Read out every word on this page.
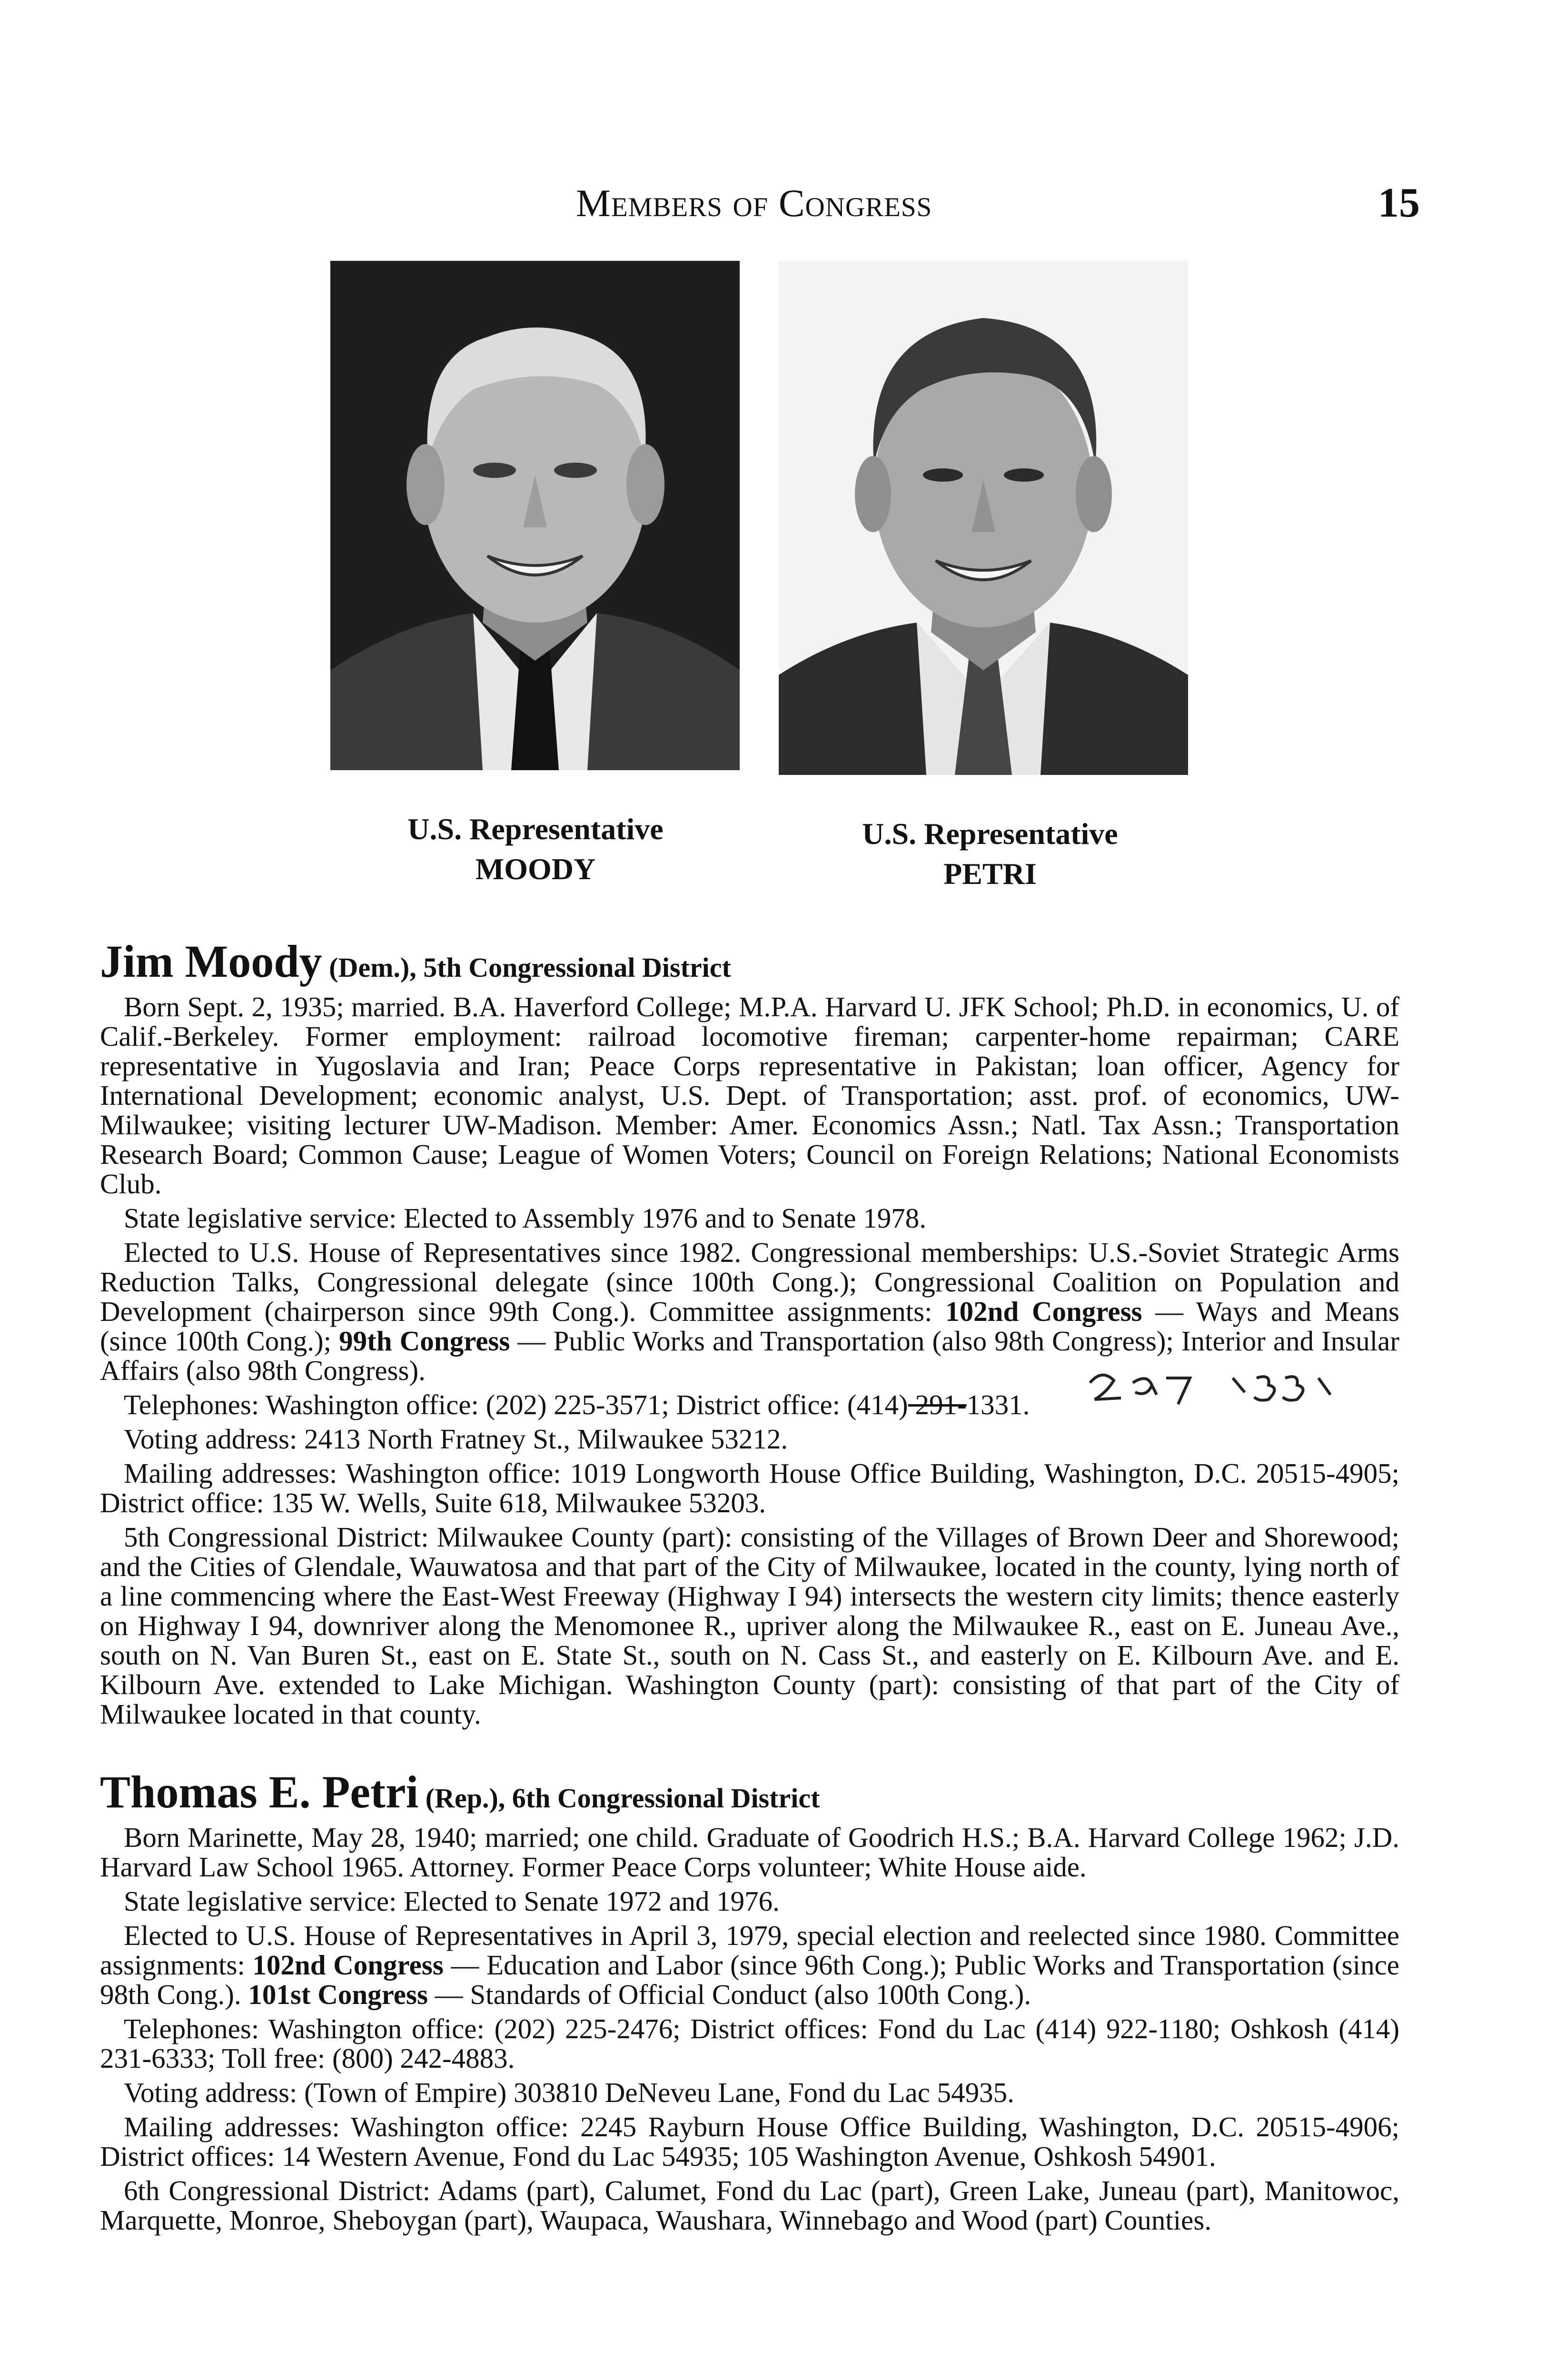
Members of Congress	15
U.S. Representative
MOODY
U.S. Representative
PETRI
Jim Moody (Dem.), 5th Congressional District

Born Sept. 2, 1935; married. B.A. Haverford College; M.P.A. Harvard U. JFK School; Ph.D. in economics, U. of Calif.-Berkeley. Former employment: railroad locomotive fireman; carpenter-home repairman; CARE representative in Yugoslavia and Iran; Peace Corps representative in Pakistan; loan officer, Agency for International Development; economic analyst, U.S. Dept. of Transportation; asst. prof. of economics, UW-Milwaukee; visiting lecturer UW-Madison. Member: Amer. Economics Assn.; Natl. Tax Assn.; Transportation Research Board; Common Cause; League of Women Voters; Council on Foreign Relations; National Economists Club.

State legislative service: Elected to Assembly 1976 and to Senate 1978.

Elected to U.S. House of Representatives since 1982. Congressional memberships: U.S.-Soviet Strategic Arms Reduction Talks, Congressional delegate (since 100th Cong.); Congressional Coalition on Population and Development (chairperson since 99th Cong.). Committee assignments: 102nd Congress — Ways and Means (since 100th Cong.); 99th Congress — Public Works and Transportation (also 98th Congress); Interior and Insular Affairs (also 98th Congress).

Telephones: Washington office: (202) 225-3571; District office: (414) 291-1331.

Voting address: 2413 North Fratney St., Milwaukee 53212.

Mailing addresses: Washington office: 1019 Longworth House Office Building, Washington, D.C. 20515-4905; District office: 135 W. Wells, Suite 618, Milwaukee 53203.

5th Congressional District: Milwaukee County (part): consisting of the Villages of Brown Deer and Shorewood; and the Cities of Glendale, Wauwatosa and that part of the City of Milwaukee, located in the county, lying north of a line commencing where the East-West Freeway (Highway I 94) intersects the western city limits; thence easterly on Highway I 94, downriver along the Menomonee R., upriver along the Milwaukee R., east on E. Juneau Ave., south on N. Van Buren St., east on E. State St., south on N. Cass St., and easterly on E. Kilbourn Ave. and E. Kilbourn Ave. extended to Lake Michigan. Washington County (part): consisting of that part of the City of Milwaukee located in that county.

Thomas E. Petri (Rep.), 6th Congressional District

Born Marinette, May 28, 1940; married; one child. Graduate of Goodrich H.S.; B.A. Harvard College 1962; J.D. Harvard Law School 1965. Attorney. Former Peace Corps volunteer; White House aide.

State legislative service: Elected to Senate 1972 and 1976.

Elected to U.S. House of Representatives in April 3, 1979, special election and reelected since 1980. Committee assignments: 102nd Congress — Education and Labor (since 96th Cong.); Public Works and Transportation (since 98th Cong.). 101st Congress — Standards of Official Conduct (also 100th Cong.).

Telephones: Washington office: (202) 225-2476; District offices: Fond du Lac (414) 922-1180; Oshkosh (414) 231-6333; Toll free: (800) 242-4883.

Voting address: (Town of Empire) 303810 DeNeveu Lane, Fond du Lac 54935.

Mailing addresses: Washington office: 2245 Rayburn House Office Building, Washington, D.C. 20515-4906; District offices: 14 Western Avenue, Fond du Lac 54935; 105 Washington Avenue, Oshkosh 54901.

6th Congressional District: Adams (part), Calumet, Fond du Lac (part), Green Lake, Juneau (part), Manitowoc, Marquette, Monroe, Sheboygan (part), Waupaca, Waushara, Winnebago and Wood (part) Counties.
